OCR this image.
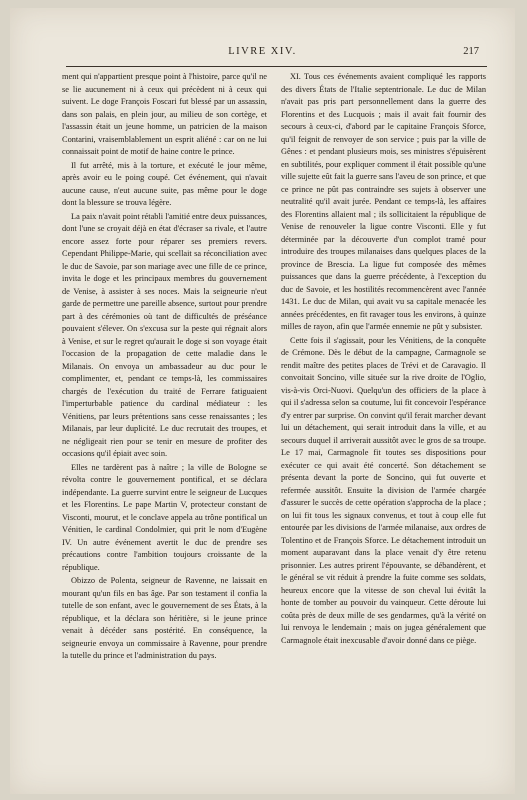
LIVRE XIV.	217

ment qui n'appartient presque point à l'histoire, parce qu'il ne se lie aucunement ni à ceux qui précèdent ni à ceux qui suivent. Le doge François Foscari fut blessé par un assassin, dans son palais, en plein jour, au milieu de son cortège, et l'assassin était un jeune homme, un patricien de la maison Contarini, vraisemblablement un esprit aliéné : car on ne lui connaissait point de motif de haine contre le prince.

Il fut arrêté, mis à la torture, et exécuté le jour même, après avoir eu le poing coupé. Cet événement, qui n'avait aucune cause, n'eut aucune suite, pas même pour le doge dont la blessure se trouva légère.

La paix n'avait point rétabli l'amitié entre deux puissances, dont l'une se croyait déjà en état d'écraser sa rivale, et l'autre encore assez forte pour réparer ses premiers revers. Cependant Philippe-Marie, qui scellait sa réconciliation avec le duc de Savoie, par son mariage avec une fille de ce prince, invita le doge et les principaux membres du gouvernement de Venise, à assister à ses noces. Mais la seigneurie n'eut garde de permettre une pareille absence, surtout pour prendre part à des cérémonies où tant de difficultés de préséance pouvaient s'élever. On s'excusa sur la peste qui régnait alors à Venise, et sur le regret qu'aurait le doge si son voyage était l'occasion de la propagation de cette maladie dans le Milanais. On envoya un ambassadeur au duc pour le complimenter, et, pendant ce temps-là, les commissaires chargés de l'exécution du traité de Ferrare fatiguaient l'imperturbable patience du cardinal médiateur : les Vénitiens, par leurs prétentions sans cesse renaissantes ; les Milanais, par leur duplicité. Le duc recrutait des troupes, et ne négligeait rien pour se tenir en mesure de profiter des occasions qu'il épiait avec soin.

Elles ne tardèrent pas à naître ; la ville de Bologne se révolta contre le gouvernement pontifical, et se déclara indépendante. La guerre survint entre le seigneur de Lucques et les Florentins. Le pape Martin V, protecteur constant de Visconti, mourut, et le conclave appela au trône pontifical un Vénitien, le cardinal Condolmier, qui prit le nom d'Eugène IV. Un autre événement avertit le duc de prendre ses précautions contre l'ambition toujours croissante de la république.

Obizzo de Polenta, seigneur de Ravenne, ne laissait en mourant qu'un fils en bas âge. Par son testament il confia la tutelle de son enfant, avec le gouvernement de ses États, à la république, et la déclara son héritière, si le jeune prince venait à décéder sans postérité. En conséquence, la seigneurie envoya un commissaire à Ravenne, pour prendre la tutelle du prince et l'administration du pays.

XI. Tous ces événements avaient compliqué les rapports des divers États de l'Italie septentrionale. Le duc de Milan n'avait pas pris part personnellement dans la guerre des Florentins et des Lucquois ; mais il avait fait fournir des secours à ceux-ci, d'abord par le capitaine François Sforce, qu'il feignit de renvoyer de son service ; puis par la ville de Gênes : et pendant plusieurs mois, ses ministres s'épuisèrent en subtilités, pour expliquer comment il était possible qu'une ville sujette eût fait la guerre sans l'aveu de son prince, et que ce prince ne pût pas contraindre ses sujets à observer une neutralité qu'il avait jurée. Pendant ce temps-là, les affaires des Florentins allaient mal ; ils sollicitaient la république de Venise de renouveler la ligue contre Visconti. Elle y fut déterminée par la découverte d'un complot tramé pour introduire des troupes milanaises dans quelques places de la province de Brescia. La ligue fut composée des mêmes puissances que dans la guerre précédente, à l'exception du duc de Savoie, et les hostilités recommencèrent avec l'année 1431. Le duc de Milan, qui avait vu sa capitale menacée les années précédentes, en fit ravager tous les environs, à quinze milles de rayon, afin que l'armée ennemie ne pût y subsister.

Cette fois il s'agissait, pour les Vénitiens, de la conquête de Crémone. Dès le début de la campagne, Carmagnole se rendit maître des petites places de Trévi et de Caravagio. Il convoitait Soncino, ville située sur la rive droite de l'Oglio, vis-à-vis Orci-Nuovi. Quelqu'un des officiers de la place à qui il s'adressa selon sa coutume, lui fit concevoir l'espérance d'y entrer par surprise. On convint qu'il ferait marcher devant lui un détachement, qui serait introduit dans la ville, et au secours duquel il arriverait aussitôt avec le gros de sa troupe. Le 17 mai, Carmagnole fit toutes ses dispositions pour exécuter ce qui avait été concerté. Son détachement se présenta devant la porte de Soncino, qui fut ouverte et refermée aussitôt. Ensuite la division de l'armée chargée d'assurer le succès de cette opération s'approcha de la place ; on lui fit tous les signaux convenus, et tout à coup elle fut entourée par les divisions de l'armée milanaise, aux ordres de Tolentino et de François Sforce. Le détachement introduit un moment auparavant dans la place venait d'y être retenu prisonnier. Les autres prirent l'épouvante, se débandèrent, et le général se vit réduit à prendre la fuite comme ses soldats, heureux encore que la vitesse de son cheval lui évitât la honte de tomber au pouvoir du vainqueur. Cette déroute lui coûta près de deux mille de ses gendarmes, qu'à la vérité on lui renvoya le lendemain ; mais on jugea généralement que Carmagnole était inexcusable d'avoir donné dans ce piège.
